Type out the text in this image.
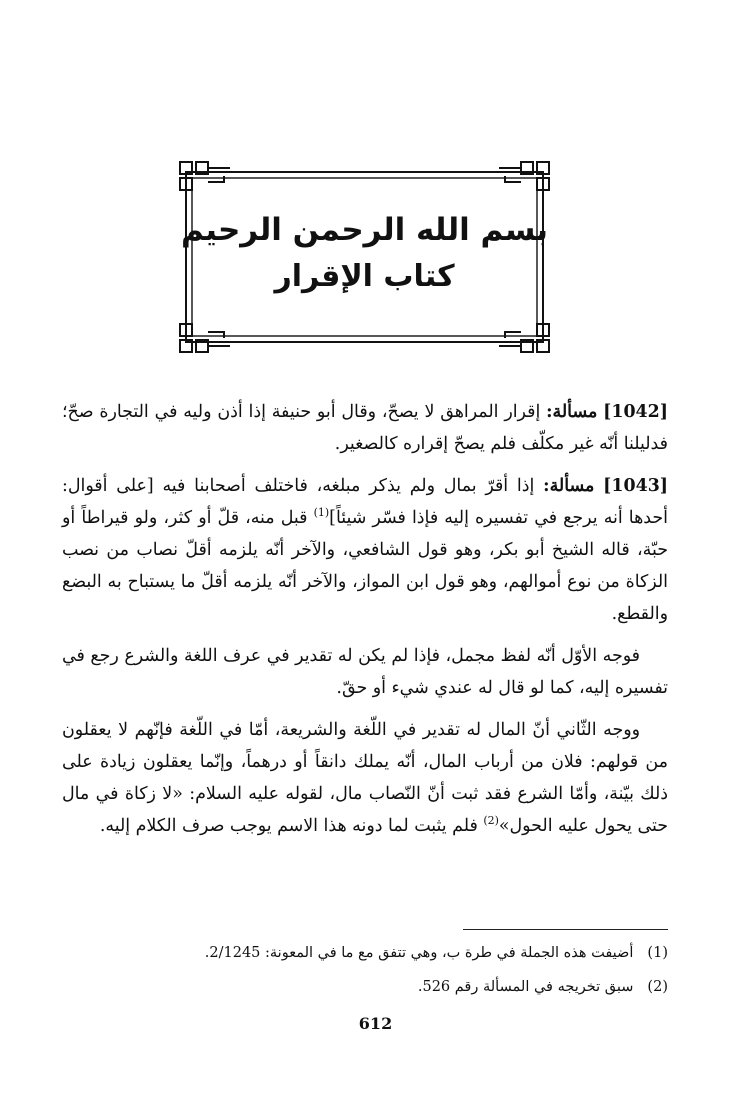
بسم الله الرحمن الرحيم
كتاب الإقرار

[1042] مسألة: إقرار المراهق لا يصحّ، وقال أبو حنيفة إذا أذن وليه في التجارة صحّ؛ فدليلنا أنّه غير مكلّف فلم يصحّ إقراره كالصغير.

[1043] مسألة: إذا أقرّ بمال ولم يذكر مبلغه، فاختلف أصحابنا فيه [على أقوال: أحدها أنه يرجع في تفسيره إليه فإذا فسّر شيئاً]$^{(1)}$ قبل منه، قلّ أو كثر، ولو قيراطاً أو حبّة، قاله الشيخ أبو بكر، وهو قول الشافعي، والآخر أنّه يلزمه أقلّ نصاب من نصب الزكاة من نوع أموالهم، وهو قول ابن المواز، والآخر أنّه يلزمه أقلّ ما يستباح به البضع والقطع.

فوجه الأوّل أنّه لفظ مجمل، فإذا لم يكن له تقدير في عرف اللغة والشرع رجع في تفسيره إليه، كما لو قال له عندي شيء أو حقّ.

ووجه الثّاني أنّ المال له تقدير في اللّغة والشريعة، أمّا في اللّغة فإنّهم لا يعقلون من قولهم: فلان من أرباب المال، أنّه يملك دانقاً أو درهماً، وإنّما يعقلون زيادة على ذلك بيّنة، وأمّا الشرع فقد ثبت أنّ النّصاب مال، لقوله عليه السلام: «لا زكاة في مال حتى يحول عليه الحول»$^{(2)}$ فلم يثبت لما دونه هذا الاسم يوجب صرف الكلام إليه.

(1) أضيفت هذه الجملة في طرة ب، وهي تتفق مع ما في المعونة: 2/1245.
(2) سبق تخريجه في المسألة رقم 526.
612
